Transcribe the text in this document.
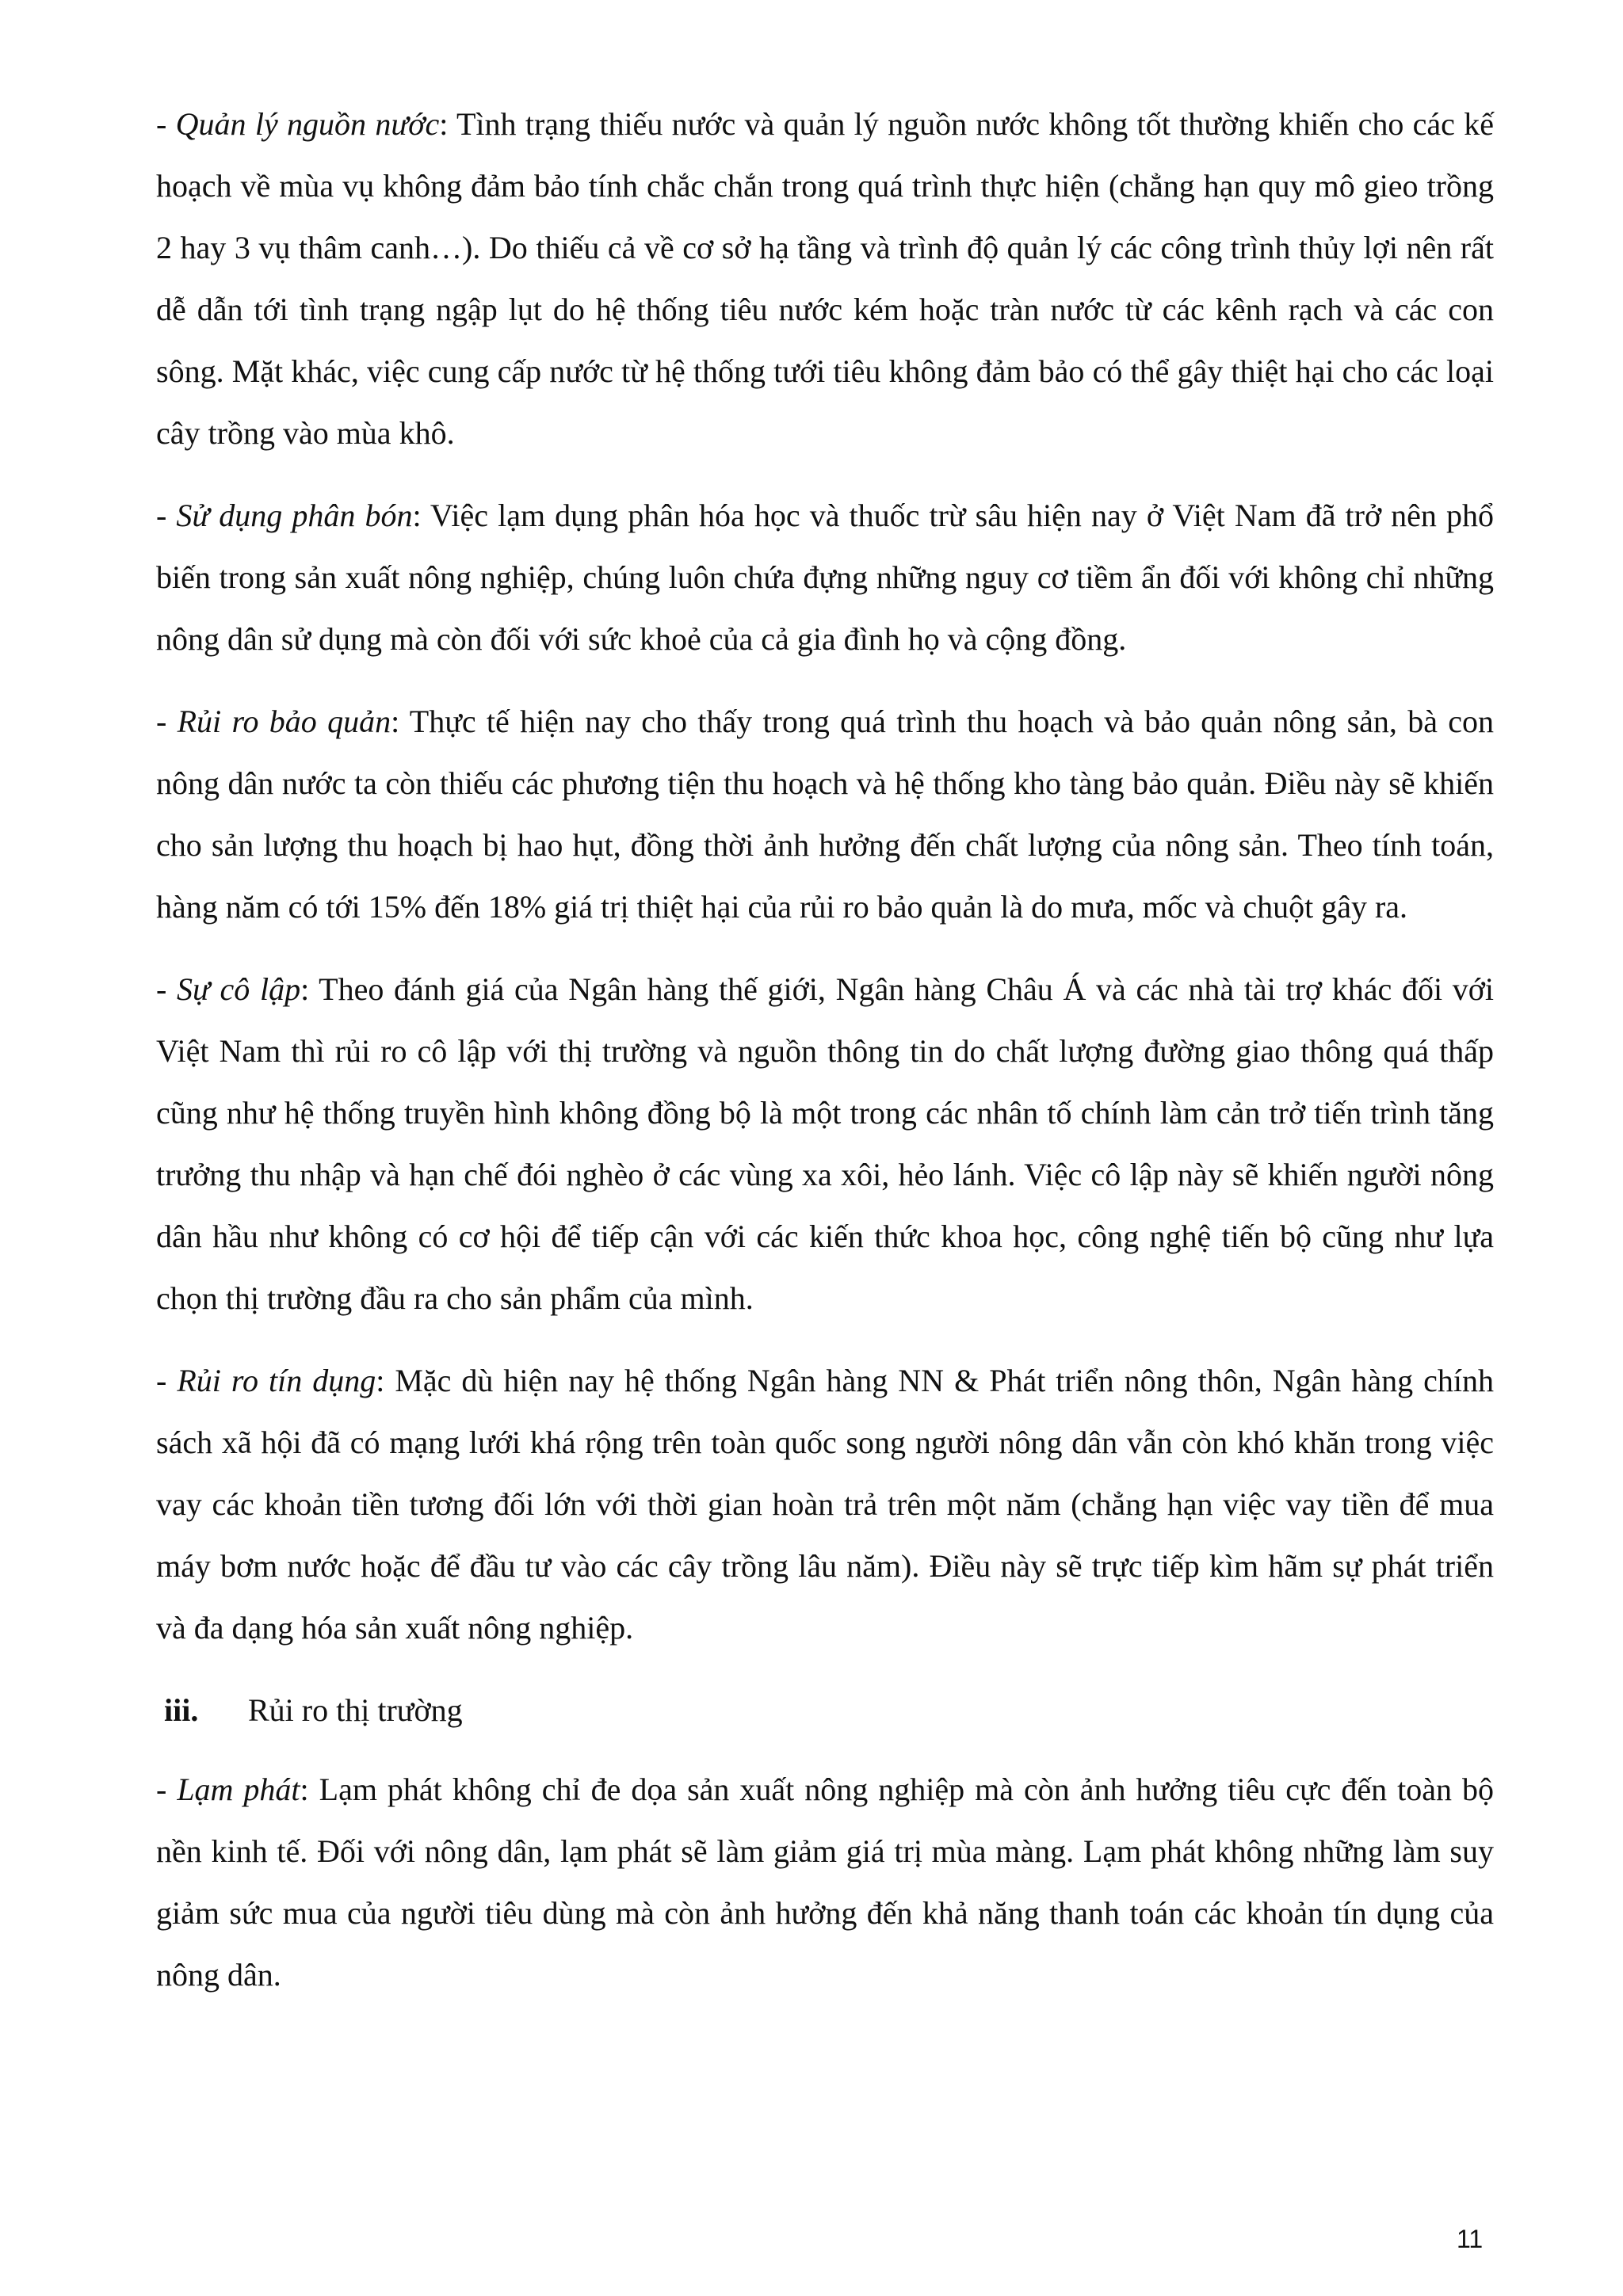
- Quản lý nguồn nước: Tình trạng thiếu nước và quản lý nguồn nước không tốt thường khiến cho các kế hoạch về mùa vụ không đảm bảo tính chắc chắn trong quá trình thực hiện (chẳng hạn quy mô gieo trồng 2 hay 3 vụ thâm canh…). Do thiếu cả về cơ sở hạ tầng và trình độ quản lý các công trình thủy lợi nên rất dễ dẫn tới tình trạng ngập lụt do hệ thống tiêu nước kém hoặc tràn nước từ các kênh rạch và các con sông. Mặt khác, việc cung cấp nước từ hệ thống tưới tiêu không đảm bảo có thể gây thiệt hại cho các loại cây trồng vào mùa khô.

- Sử dụng phân bón: Việc lạm dụng phân hóa học và thuốc trừ sâu hiện nay ở Việt Nam đã trở nên phổ biến trong sản xuất nông nghiệp, chúng luôn chứa đựng những nguy cơ tiềm ẩn đối với không chỉ những nông dân sử dụng mà còn đối với sức khoẻ của cả gia đình họ và cộng đồng.

- Rủi ro bảo quản: Thực tế hiện nay cho thấy trong quá trình thu hoạch và bảo quản nông sản, bà con nông dân nước ta còn thiếu các phương tiện thu hoạch và hệ thống kho tàng bảo quản. Điều này sẽ khiến cho sản lượng thu hoạch bị hao hụt, đồng thời ảnh hưởng đến chất lượng của nông sản. Theo tính toán, hàng năm có tới 15% đến 18% giá trị thiệt hại của rủi ro bảo quản là do mưa, mốc và chuột gây ra.

- Sự cô lập: Theo đánh giá của Ngân hàng thế giới, Ngân hàng Châu Á và các nhà tài trợ khác đối với Việt Nam thì rủi ro cô lập với thị trường và nguồn thông tin do chất lượng đường giao thông quá thấp cũng như hệ thống truyền hình không đồng bộ là một trong các nhân tố chính làm cản trở tiến trình tăng trưởng thu nhập và hạn chế đói nghèo ở các vùng xa xôi, hẻo lánh. Việc cô lập này sẽ khiến người nông dân hầu như không có cơ hội để tiếp cận với các kiến thức khoa học, công nghệ tiến bộ cũng như lựa chọn thị trường đầu ra cho sản phẩm của mình.

- Rủi ro tín dụng: Mặc dù hiện nay hệ thống Ngân hàng NN & Phát triển nông thôn, Ngân hàng chính sách xã hội đã có mạng lưới khá rộng trên toàn quốc song người nông dân vẫn còn khó khăn trong việc vay các khoản tiền tương đối lớn với thời gian hoàn trả trên một năm (chẳng hạn việc vay tiền để mua máy bơm nước hoặc để đầu tư vào các cây trồng lâu năm). Điều này sẽ trực tiếp kìm hãm sự phát triển và đa dạng hóa sản xuất nông nghiệp.

iii.	Rủi ro thị trường

- Lạm phát: Lạm phát không chỉ đe dọa sản xuất nông nghiệp mà còn ảnh hưởng tiêu cực đến toàn bộ nền kinh tế. Đối với nông dân, lạm phát sẽ làm giảm giá trị mùa màng. Lạm phát không những làm suy giảm sức mua của người tiêu dùng mà còn ảnh hưởng đến khả năng thanh toán các khoản tín dụng của nông dân.

11
